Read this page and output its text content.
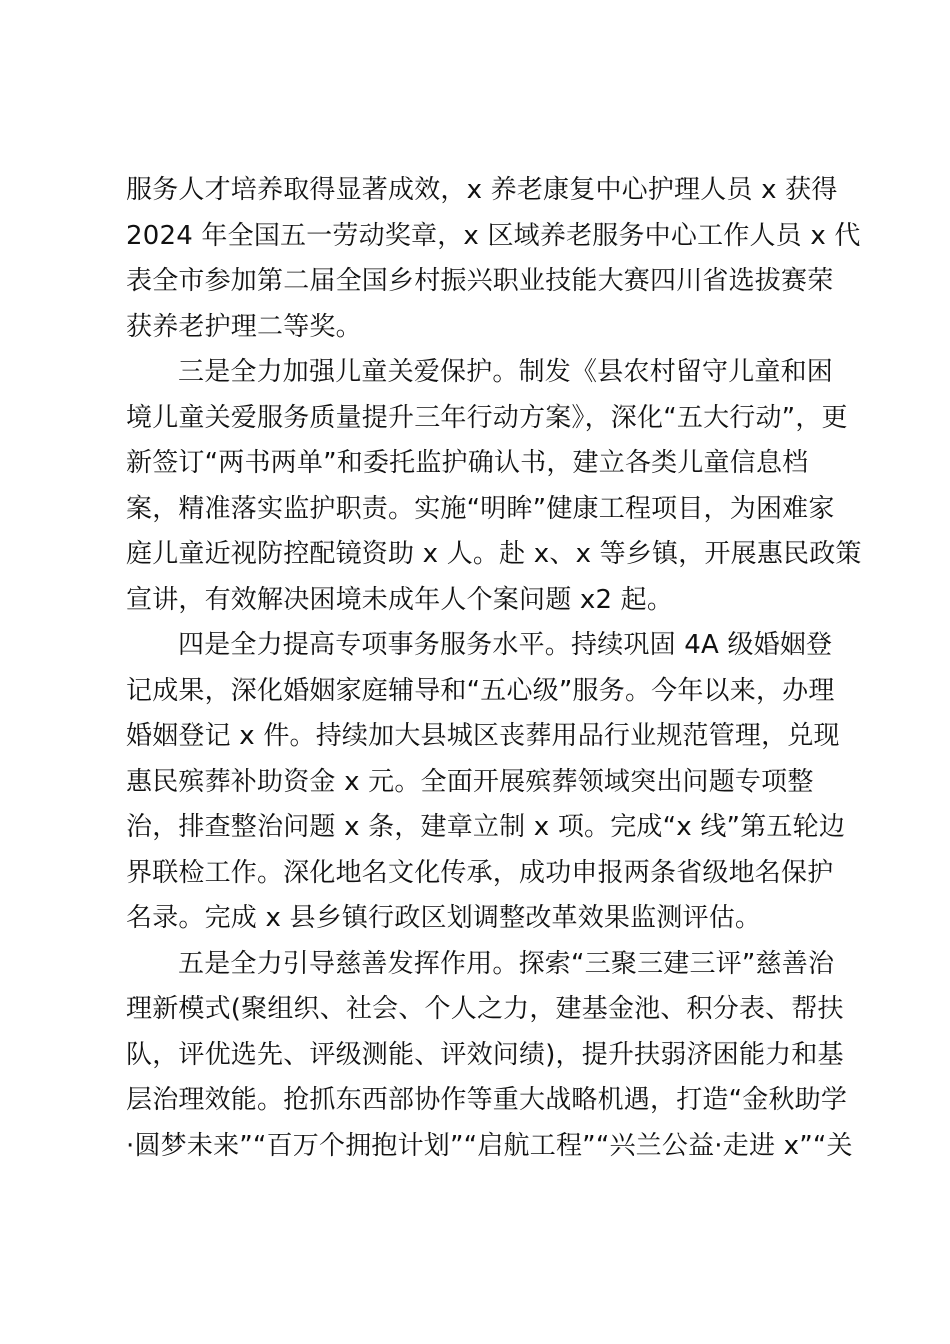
服务人才培养取得显著成效，x 养老康复中心护理人员 x 获得
2024 年全国五一劳动奖章，x 区域养老服务中心工作人员 x 代
表全市参加第二届全国乡村振兴职业技能大赛四川省选拔赛荣
获养老护理二等奖。

三是全力加强儿童关爱保护。制发《县农村留守儿童和困
境儿童关爱服务质量提升三年行动方案》，深化“五大行动”，更
新签订“两书两单”和委托监护确认书，建立各类儿童信息档
案，精准落实监护职责。实施“明眸”健康工程项目，为困难家
庭儿童近视防控配镜资助 x 人。赴 x、x 等乡镇，开展惠民政策
宣讲，有效解决困境未成年人个案问题 x2 起。

四是全力提高专项事务服务水平。持续巩固 4A 级婚姻登
记成果，深化婚姻家庭辅导和“五心级”服务。今年以来，办理
婚姻登记 x 件。持续加大县城区丧葬用品行业规范管理，兑现
惠民殡葬补助资金 x 元。全面开展殡葬领域突出问题专项整
治，排查整治问题 x 条，建章立制 x 项。完成“x 线”第五轮边
界联检工作。深化地名文化传承，成功申报两条省级地名保护
名录。完成 x 县乡镇行政区划调整改革效果监测评估。

五是全力引导慈善发挥作用。探索“三聚三建三评”慈善治
理新模式(聚组织、社会、个人之力，建基金池、积分表、帮扶
队，评优选先、评级测能、评效问绩)，提升扶弱济困能力和基
层治理效能。抢抓东西部协作等重大战略机遇，打造“金秋助学
·圆梦未来”“百万个拥抱计划”“启航工程”“兴兰公益·走进 x”“关
